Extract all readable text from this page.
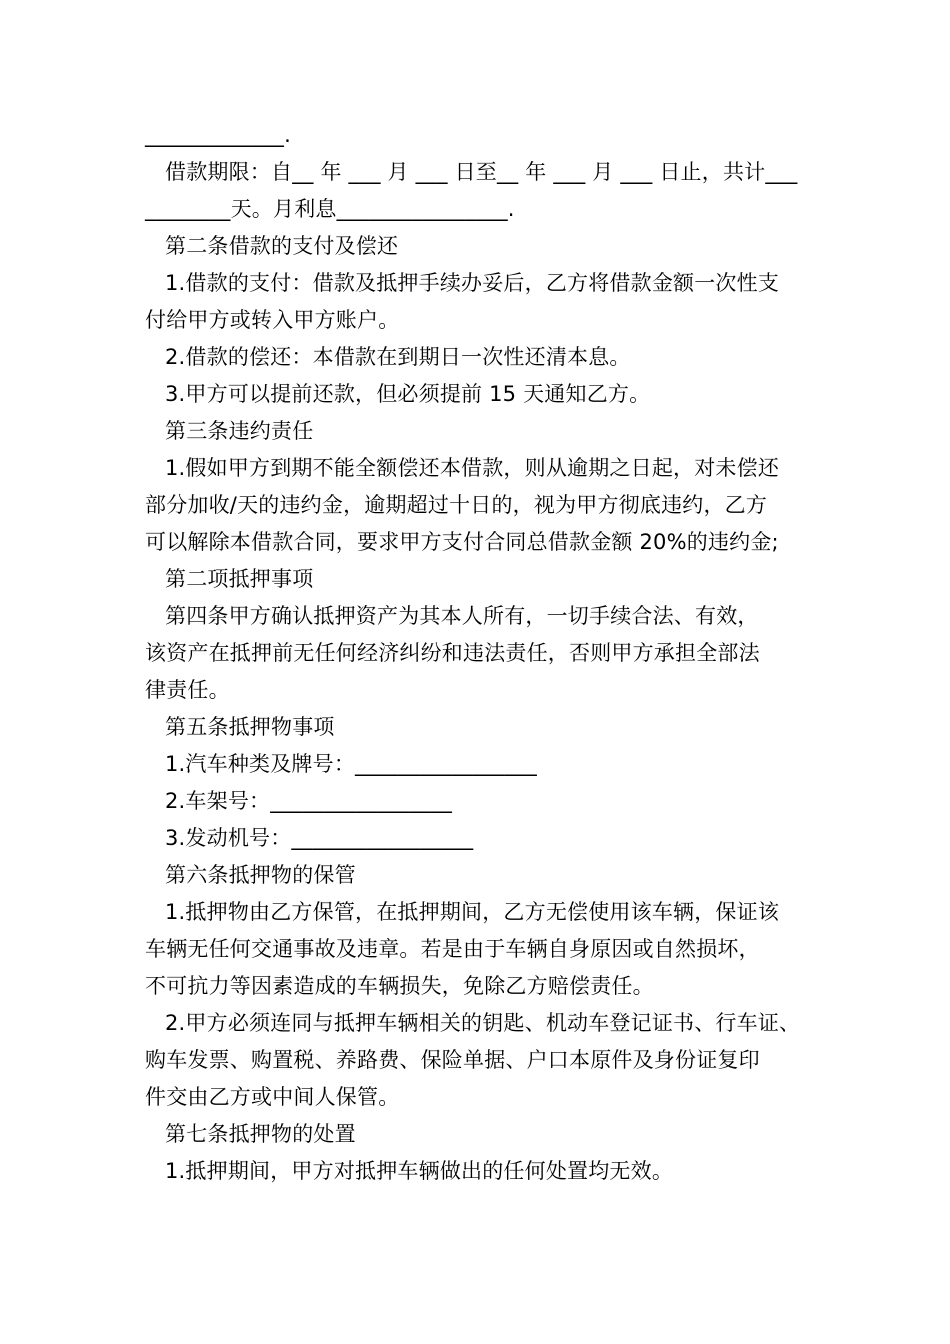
_____________.
借款期限：自__ 年 ___ 月 ___ 日至__ 年 ___ 月 ___ 日止，共计___
________天。月利息________________.
第二条借款的支付及偿还
1.借款的支付：借款及抵押手续办妥后，乙方将借款金额一次性支
付给甲方或转入甲方账户。
2.借款的偿还：本借款在到期日一次性还清本息。
3.甲方可以提前还款，但必须提前 15 天通知乙方。
第三条违约责任
1.假如甲方到期不能全额偿还本借款，则从逾期之日起，对未偿还
部分加收/天的违约金，逾期超过十日的，视为甲方彻底违约，乙方
可以解除本借款合同，要求甲方支付合同总借款金额 20%的违约金;
第二项抵押事项
第四条甲方确认抵押资产为其本人所有，一切手续合法、有效，
该资产在抵押前无任何经济纠纷和违法责任，否则甲方承担全部法
律责任。
第五条抵押物事项
1.汽车种类及牌号：_________________
2.车架号：_________________
3.发动机号：_________________
第六条抵押物的保管
1.抵押物由乙方保管，在抵押期间，乙方无偿使用该车辆，保证该
车辆无任何交通事故及违章。若是由于车辆自身原因或自然损坏，
不可抗力等因素造成的车辆损失，免除乙方赔偿责任。
2.甲方必须连同与抵押车辆相关的钥匙、机动车登记证书、行车证、
购车发票、购置税、养路费、保险单据、户口本原件及身份证复印
件交由乙方或中间人保管。
第七条抵押物的处置
1.抵押期间，甲方对抵押车辆做出的任何处置均无效。
